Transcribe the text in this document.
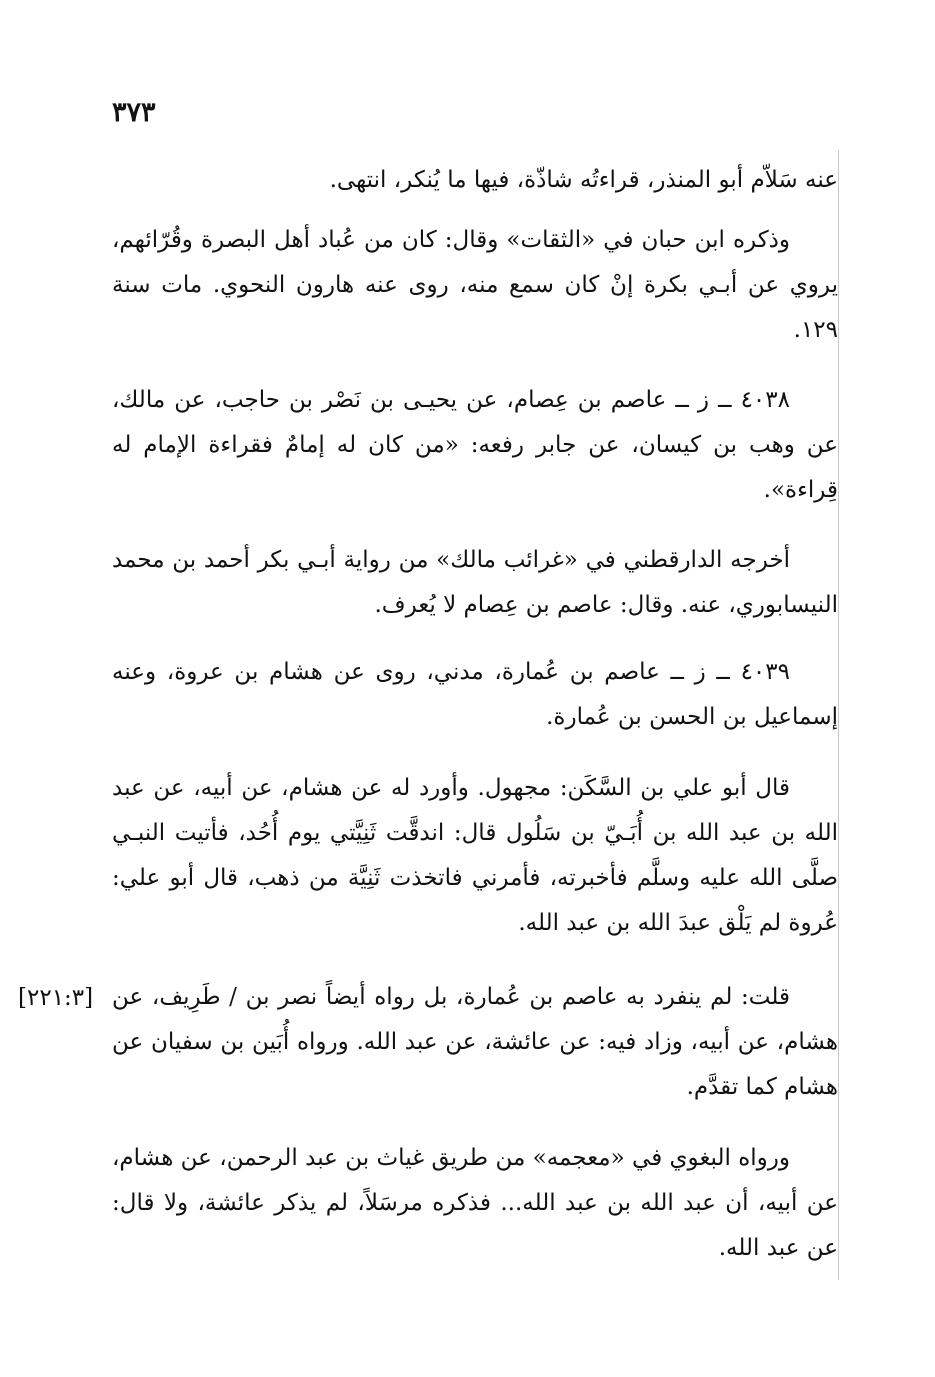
٣٧٣
عنه سَلاّم أبو المنذر، قراءتُه شاذّة، فيها ما يُنكر، انتهى.
وذكره ابن حبان في «الثقات» وقال: كان من عُباد أهل البصرة وقُرّائهم، يروي عن أبـي بكرة إنْ كان سمع منه، روى عنه هارون النحوي. مات سنة ١٢٩.
٤٠٣٨ ــ ز ــ عاصم بن عِصام، عن يحيـى بن نَصْر بن حاجب، عن مالك، عن وهب بن كيسان، عن جابر رفعه: «من كان له إمامٌ فقراءة الإمام له قِراءة».
أخرجه الدارقطني في «غرائب مالك» من رواية أبـي بكر أحمد بن محمد النيسابوري، عنه. وقال: عاصم بن عِصام لا يُعرف.
٤٠٣٩ ــ ز ــ عاصم بن عُمارة، مدني، روى عن هشام بن عروة، وعنه إسماعيل بن الحسن بن عُمارة.
قال أبو علي بن السَّكَن: مجهول. وأورد له عن هشام، عن أبيه، عن عبد الله بن عبد الله بن أُبَـيّ بن سَلُول قال: اندقَّت ثَنِيَّتي يوم أُحُد، فأتيت النبـي صلَّى الله عليه وسلَّم فأخبرته، فأمرني فاتخذت ثَنِيَّة من ذهب، قال أبو علي: عُروة لم يَلْق عبدَ الله بن عبد الله.
قلت: لم ينفرد به عاصم بن عُمارة، بل رواه أيضاً نصر بن / طَرِيف، عن هشام، عن أبيه، وزاد فيه: عن عائشة، عن عبد الله. ورواه أُبَين بن سفيان عن هشام كما تقدَّم.
[٢٢١:٣]
ورواه البغوي في «معجمه» من طريق غياث بن عبد الرحمن، عن هشام، عن أبيه، أن عبد الله بن عبد الله... فذكره مرسَلاً، لم يذكر عائشة، ولا قال: عن عبد الله.
